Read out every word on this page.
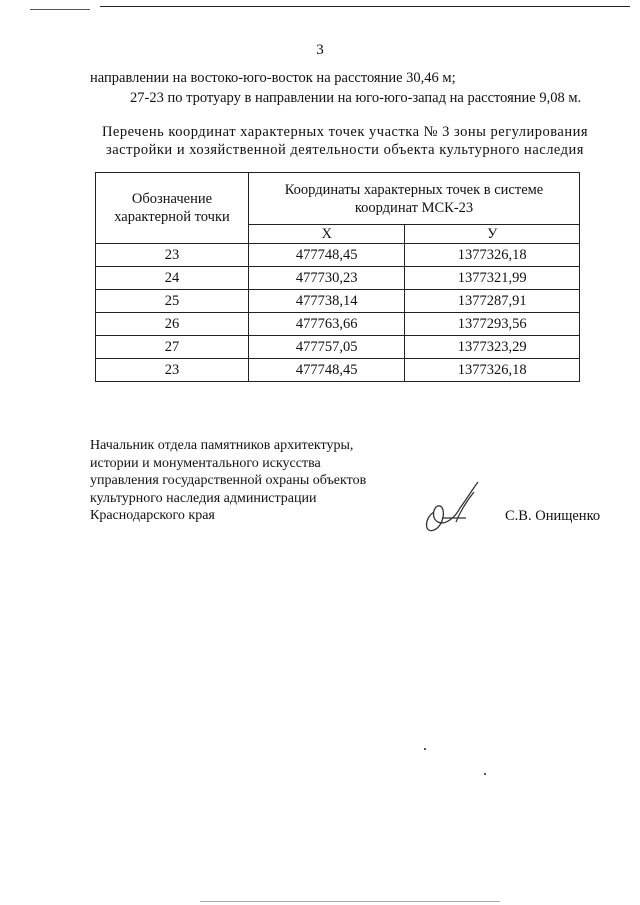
3
направлении на востоко-юго-восток на расстояние 30,46 м;
27-23 по тротуару в направлении на юго-юго-запад на расстояние 9,08 м.
Перечень координат характерных точек участка № 3 зоны регулирования
застройки и хозяйственной деятельности объекта культурного наследия
Обозначение характерной точки	Координаты характерных точек в системе координат МСК-23	
	X	У
23	477748,45	1377326,18
24	477730,23	1377321,99
25	477738,14	1377287,91
26	477763,66	1377293,56
27	477757,05	1377323,29
23	477748,45	1377326,18
Начальник отдела памятников архитектуры,
истории и монументального искусства
управления государственной охраны объектов
культурного наследия администрации
Краснодарского края	С.В. Онищенко
